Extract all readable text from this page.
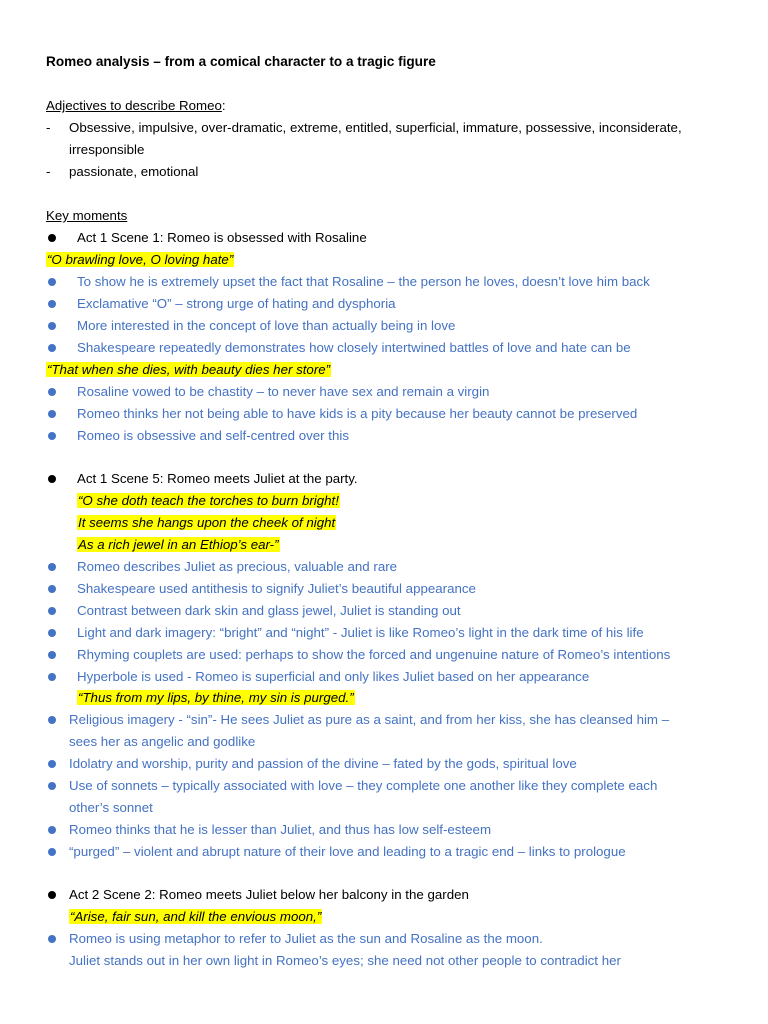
Romeo analysis – from a comical character to a tragic figure
Adjectives to describe Romeo:
- Obsessive, impulsive, over-dramatic, extreme, entitled, superficial, immature, possessive, inconsiderate,
irresponsible
- passionate, emotional
Key moments
Act 1 Scene 1: Romeo is obsessed with Rosaline
“O brawling love, O loving hate”
To show he is extremely upset the fact that Rosaline – the person he loves, doesn’t love him back
Exclamative “O” – strong urge of hating and dysphoria
More interested in the concept of love than actually being in love
Shakespeare repeatedly demonstrates how closely intertwined battles of love and hate can be
“That when she dies, with beauty dies her store”
Rosaline vowed to be chastity – to never have sex and remain a virgin
Romeo thinks her not being able to have kids is a pity because her beauty cannot be preserved
Romeo is obsessive and self-centred over this
Act 1 Scene 5: Romeo meets Juliet at the party.
“O she doth teach the torches to burn bright!
It seems she hangs upon the cheek of night
As a rich jewel in an Ethiop’s ear-”
Romeo describes Juliet as precious, valuable and rare
Shakespeare used antithesis to signify Juliet’s beautiful appearance
Contrast between dark skin and glass jewel, Juliet is standing out
Light and dark imagery: “bright” and “night” - Juliet is like Romeo’s light in the dark time of his life
Rhyming couplets are used: perhaps to show the forced and ungenuine nature of Romeo’s intentions
Hyperbole is used - Romeo is superficial and only likes Juliet based on her appearance
“Thus from my lips, by thine, my sin is purged.”
Religious imagery - “sin”- He sees Juliet as pure as a saint, and from her kiss, she has cleansed him –
sees her as angelic and godlike
Idolatry and worship, purity and passion of the divine – fated by the gods, spiritual love
Use of sonnets – typically associated with love – they complete one another like they complete each
other’s sonnet
Romeo thinks that he is lesser than Juliet, and thus has low self-esteem
“purged” – violent and abrupt nature of their love and leading to a tragic end – links to prologue
Act 2 Scene 2: Romeo meets Juliet below her balcony in the garden
“Arise, fair sun, and kill the envious moon,”
Romeo is using metaphor to refer to Juliet as the sun and Rosaline as the moon.
Juliet stands out in her own light in Romeo’s eyes; she need not other people to contradict her
